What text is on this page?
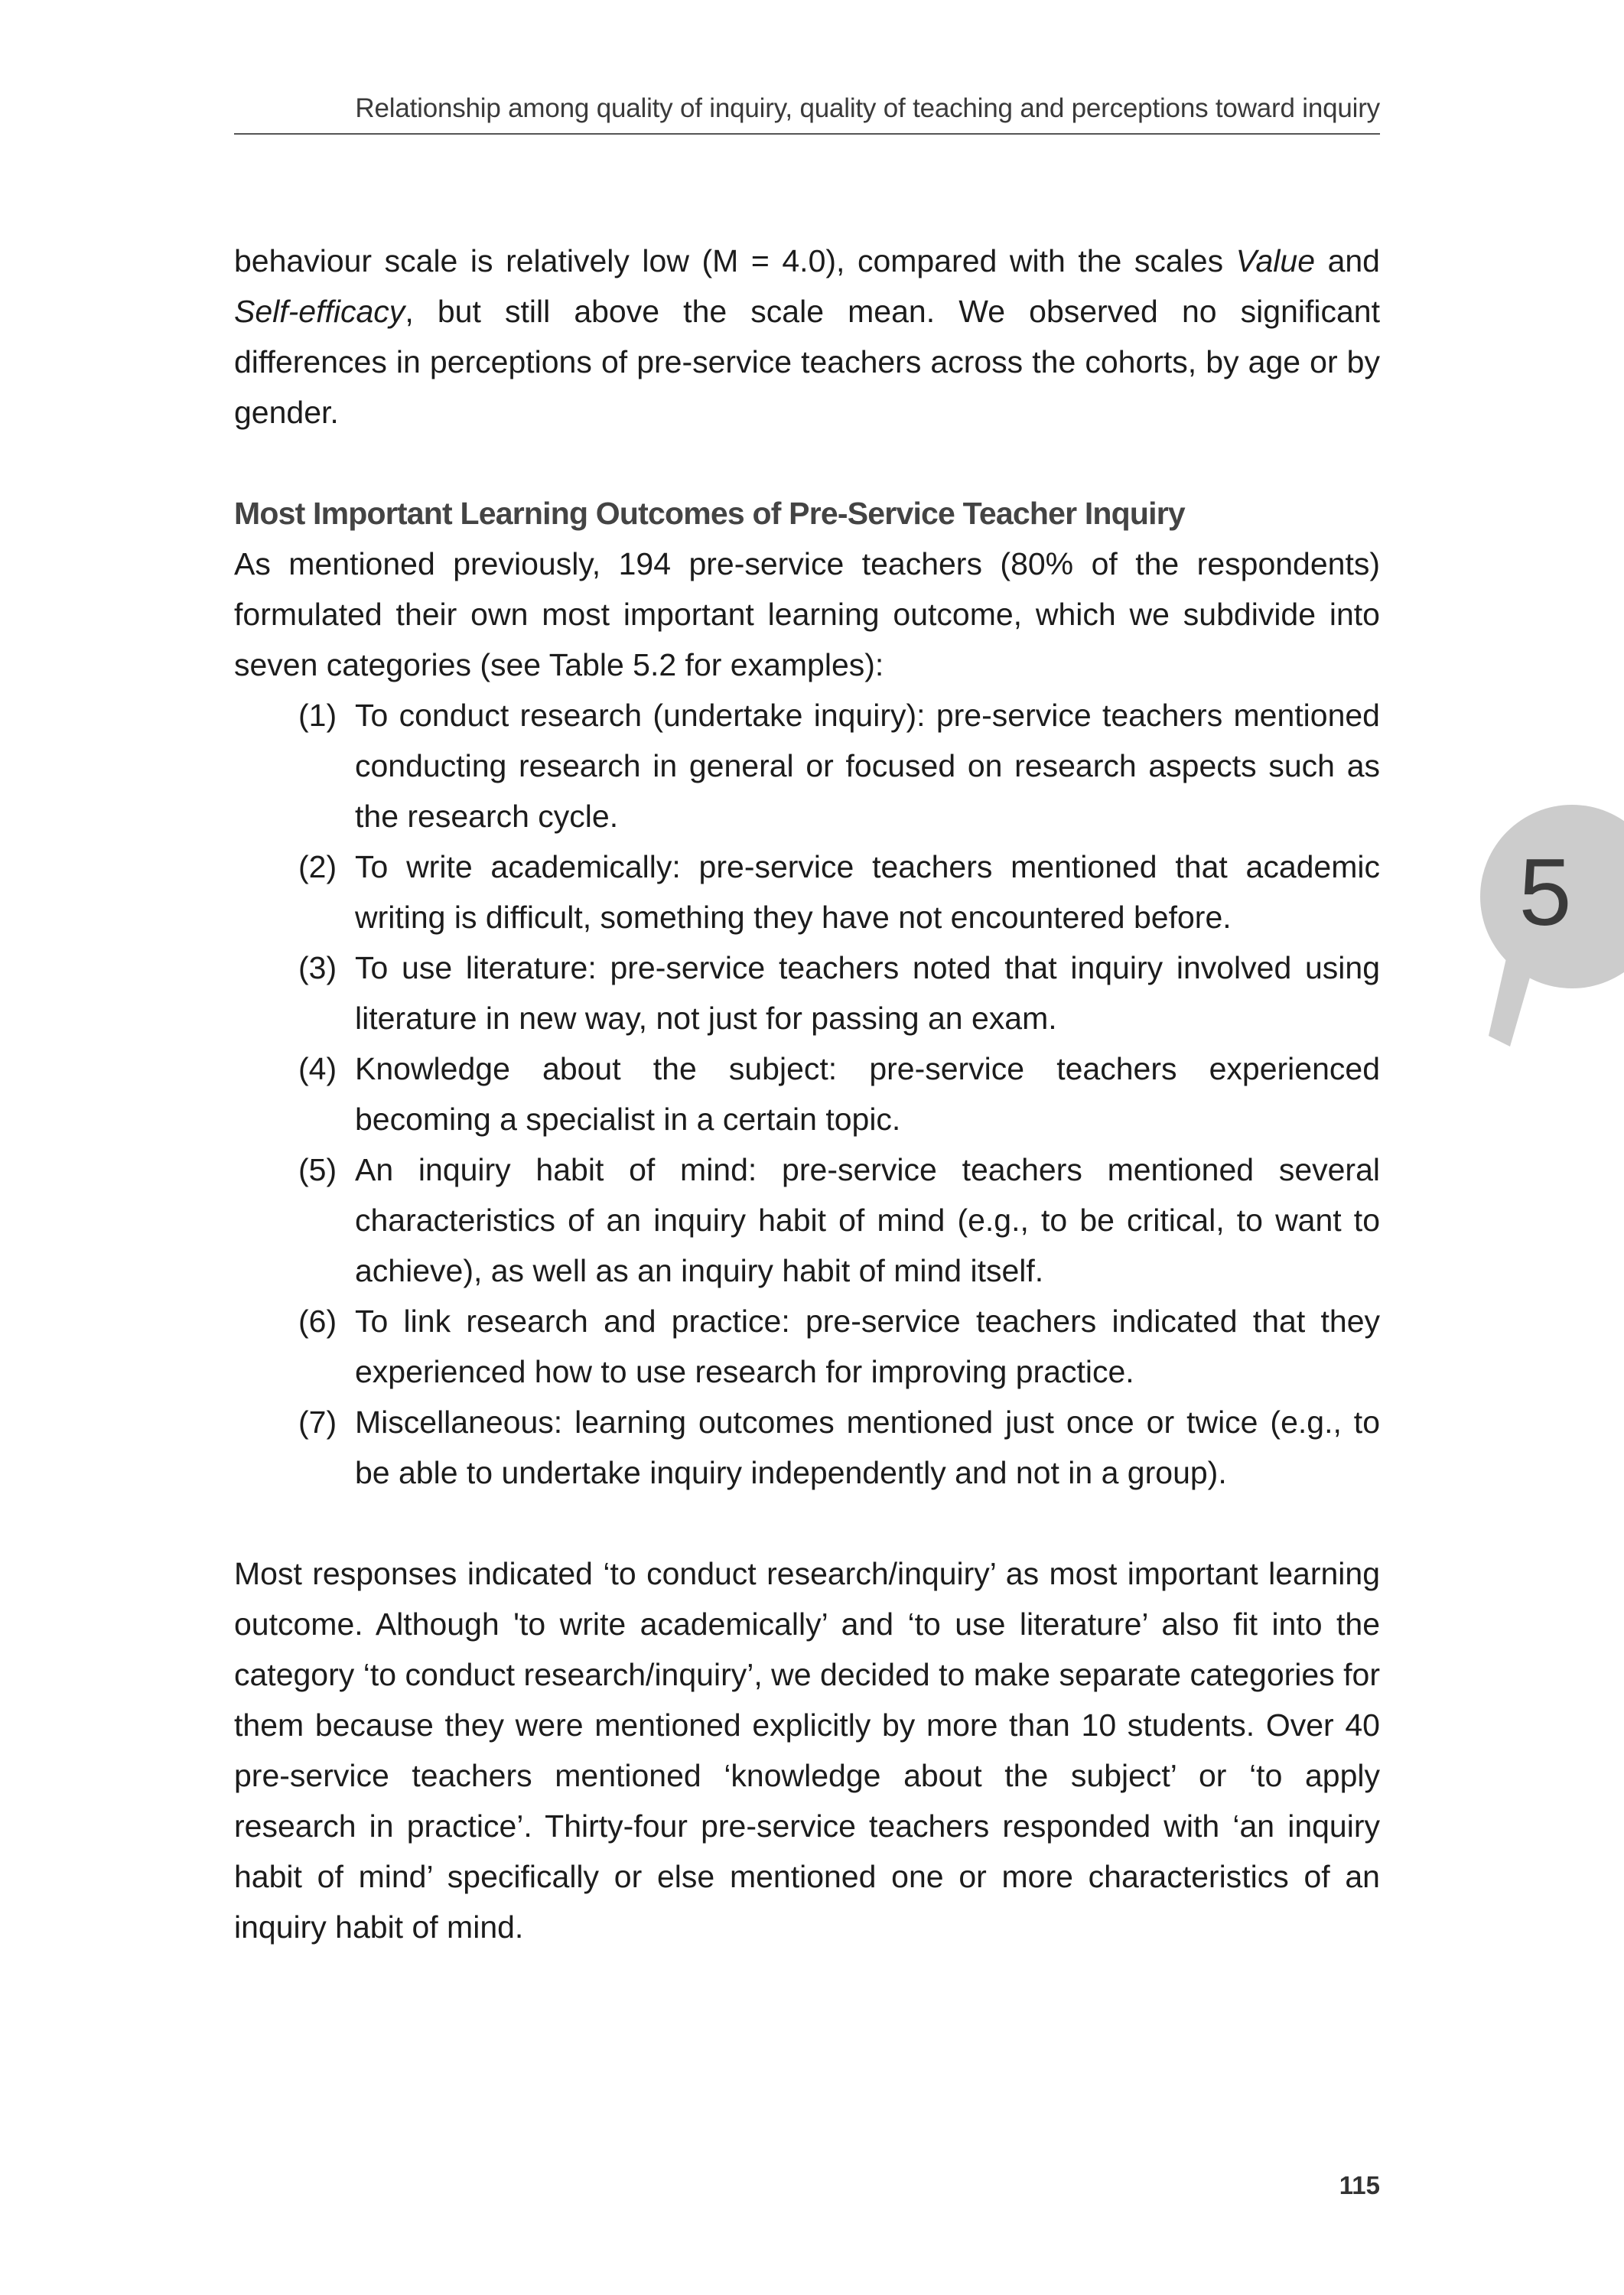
Relationship among quality of inquiry, quality of teaching and perceptions toward inquiry

behaviour scale is relatively low (M = 4.0), compared with the scales Value and Self-efficacy, but still above the scale mean. We observed no significant differences in perceptions of pre-service teachers across the cohorts, by age or by gender.

Most Important Learning Outcomes of Pre-Service Teacher Inquiry

As mentioned previously, 194 pre-service teachers (80% of the respondents) formulated their own most important learning outcome, which we subdivide into seven categories (see Table 5.2 for examples):

(1) To conduct research (undertake inquiry): pre-service teachers mentioned conducting research in general or focused on research aspects such as the research cycle.
(2) To write academically: pre-service teachers mentioned that academic writing is difficult, something they have not encountered before.
(3) To use literature: pre-service teachers noted that inquiry involved using literature in new way, not just for passing an exam.
(4) Knowledge about the subject: pre-service teachers experienced becoming a specialist in a certain topic.
(5) An inquiry habit of mind: pre-service teachers mentioned several characteristics of an inquiry habit of mind (e.g., to be critical, to want to achieve), as well as an inquiry habit of mind itself.
(6) To link research and practice: pre-service teachers indicated that they experienced how to use research for improving practice.
(7) Miscellaneous: learning outcomes mentioned just once or twice (e.g., to be able to undertake inquiry independently and not in a group).

Most responses indicated ‘to conduct research/inquiry’ as most important learning outcome. Although 'to write academically’ and ‘to use literature’ also fit into the category ‘to conduct research/inquiry’, we decided to make separate categories for them because they were mentioned explicitly by more than 10 students. Over 40 pre-service teachers mentioned ‘knowledge about the subject’ or ‘to apply research in practice’. Thirty-four pre-service teachers responded with ‘an inquiry habit of mind’ specifically or else mentioned one or more characteristics of an inquiry habit of mind.

5
115
